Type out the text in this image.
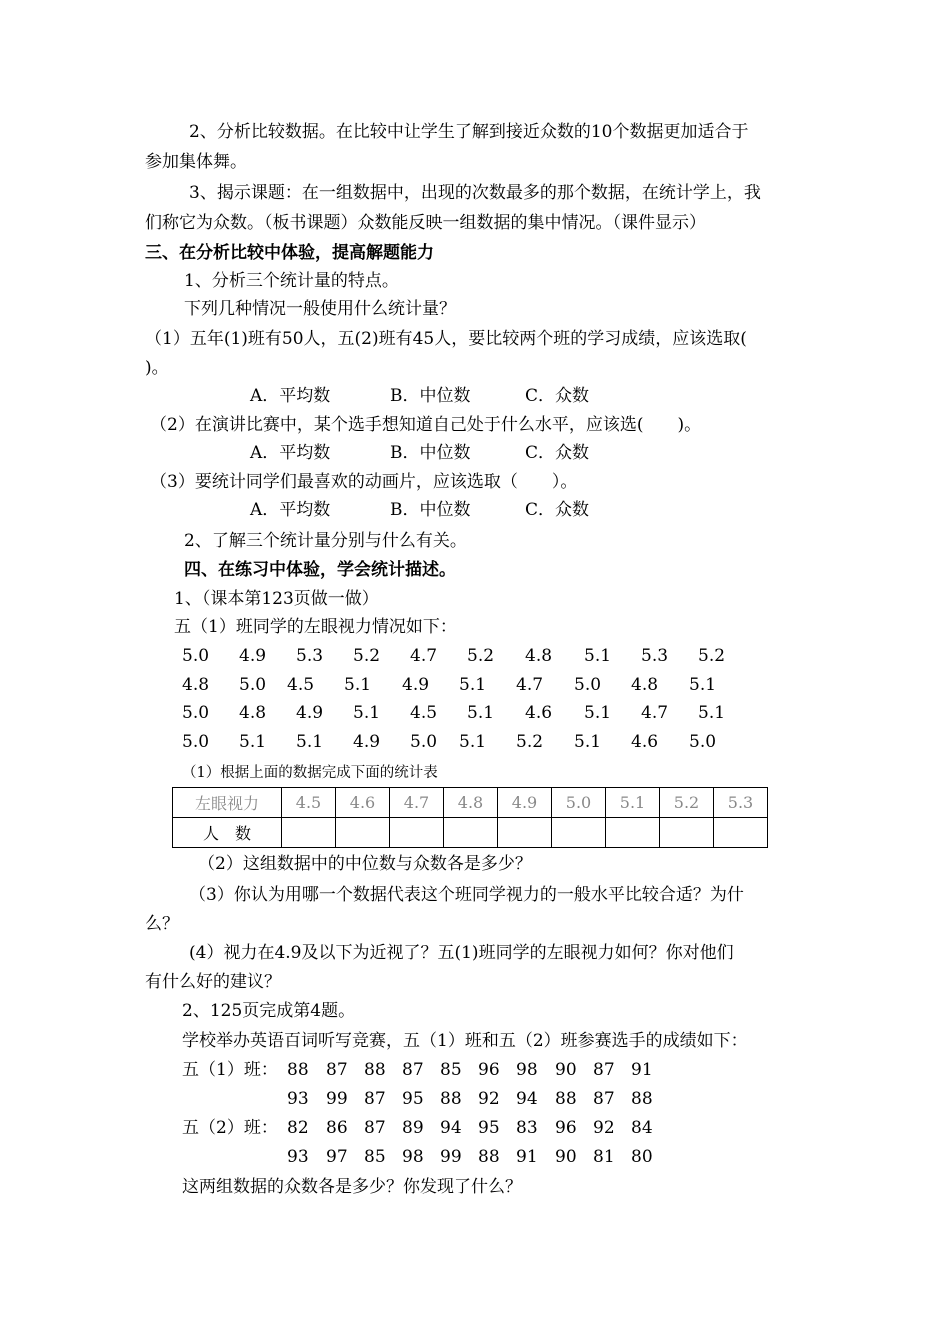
2、分析比较数据。在比较中让学生了解到接近众数的10个数据更加适合于
参加集体舞。
3、揭示课题：在一组数据中，出现的次数最多的那个数据，在统计学上，我
们称它为众数。（板书课题）众数能反映一组数据的集中情况。（课件显示）
三、在分析比较中体验，提高解题能力
1、分析三个统计量的特点。
下列几种情况一般使用什么统计量？
（1）五年(1)班有50人，五(2)班有45人，要比较两个班的学习成绩，应该选取(
)。
A．平均数	B．中位数	C．众数
（2）在演讲比赛中，某个选手想知道自己处于什么水平，应该选(　　)。
A．平均数	B．中位数	C．众数
（3）要统计同学们最喜欢的动画片，应该选取（　　）。
A．平均数	B．中位数	C．众数
2、了解三个统计量分别与什么有关。
四、在练习中体验，学会统计描述。
1、（课本第123页做一做）
五（1）班同学的左眼视力情况如下：
5.0 4.9 5.3 5.2 4.7 5.2 4.8 5.1 5.3 5.2
4.8 5.0 4.5 5.1 4.9 5.1 4.7 5.0 4.8 5.1
5.0 4.8 4.9 5.1 4.5 5.1 4.6 5.1 4.7 5.1
5.0 5.1 5.1 4.9 5.0 5.1 5.2 5.1 4.6 5.0
（1）根据上面的数据完成下面的统计表
左眼视力	4.5	4.6	4.7	4.8	4.9	5.0	5.1	5.2	5.3
人　数									
（2）这组数据中的中位数与众数各是多少？
（3）你认为用哪一个数据代表这个班同学视力的一般水平比较合适？为什
么？
(4）视力在4.9及以下为近视了？五(1)班同学的左眼视力如何？你对他们
有什么好的建议？
2、125页完成第4题。
学校举办英语百词听写竞赛，五（1）班和五（2）班参赛选手的成绩如下：
五（1）班： 88 87 88 87 85 96 98 90 87 91
93 99 87 95 88 92 94 88 87 88
五（2）班： 82 86 87 89 94 95 83 96 92 84
93 97 85 98 99 88 91 90 81 80
这两组数据的众数各是多少？你发现了什么？
